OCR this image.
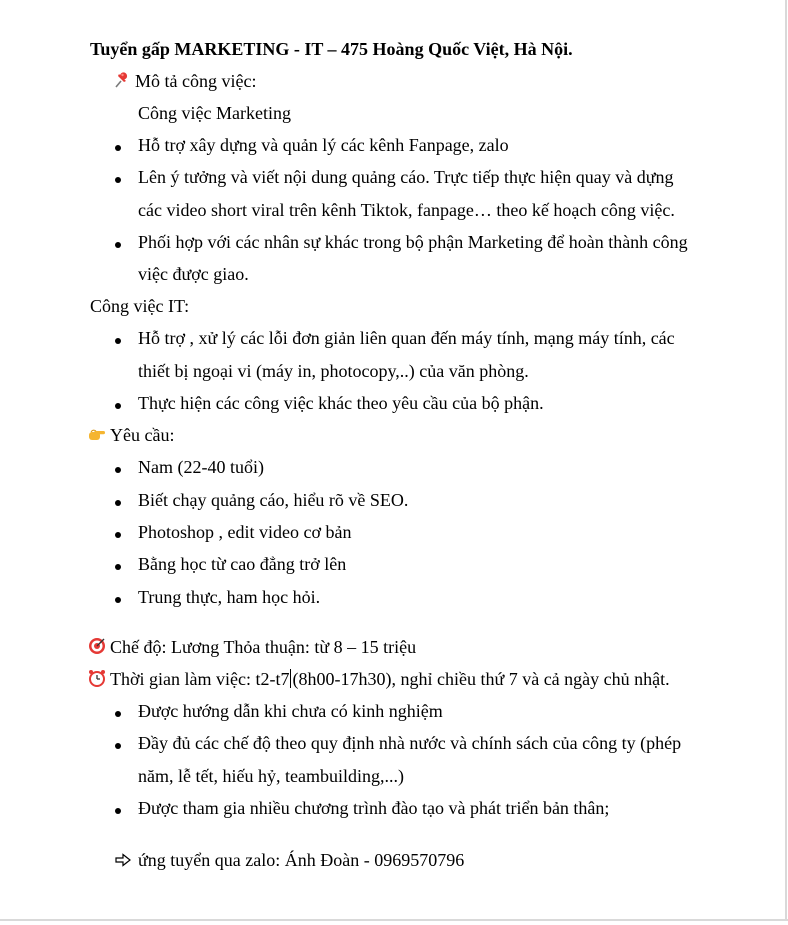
Tuyển gấp MARKETING - IT – 475 Hoàng Quốc Việt, Hà Nội.
Mô tả công việc:
Công việc Marketing
Hỗ trợ xây dựng và quản lý các kênh Fanpage, zalo
Lên ý tưởng và viết nội dung quảng cáo. Trực tiếp thực hiện quay và dựng
các video short viral trên kênh Tiktok, fanpage… theo kế hoạch công việc.
Phối hợp với các nhân sự khác trong bộ phận Marketing để hoàn thành công
việc được giao.
Công việc IT:
Hỗ trợ , xử lý các lỗi đơn giản liên quan đến máy tính, mạng máy tính, các
thiết bị ngoại vi (máy in, photocopy,..) của văn phòng.
Thực hiện các công việc khác theo yêu cầu của bộ phận.
Yêu cầu:
Nam (22-40 tuổi)
Biết chạy quảng cáo, hiểu rõ về SEO.
Photoshop , edit video cơ bản
Bằng học từ cao đẳng trở lên
Trung thực, ham học hỏi.
Chế độ: Lương Thỏa thuận: từ 8 – 15 triệu
Thời gian làm việc: t2-t7 (8h00-17h30), nghỉ chiều thứ 7 và cả ngày chủ nhật.
Được hướng dẫn khi chưa có kinh nghiệm
Đầy đủ các chế độ theo quy định nhà nước và chính sách của công ty (phép
năm, lễ tết, hiếu hỷ, teambuilding,...)
Được tham gia nhiều chương trình đào tạo và phát triển bản thân;
ứng tuyển qua zalo: Ánh Đoàn - 0969570796
